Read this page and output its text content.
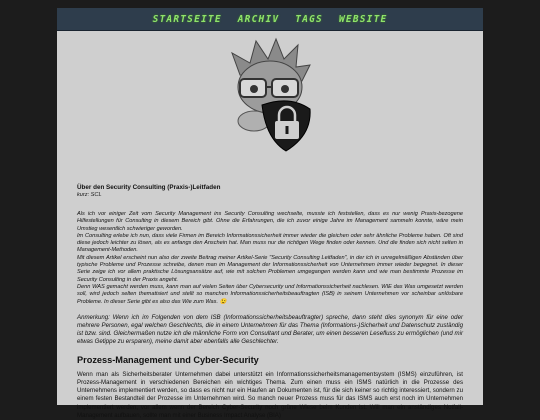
STARTSEITE ARCHIV TAGS WEBSITE
Über den Security Consulting (Praxis-)Leitfaden
kurz: SCL

Als ich vor einiger Zeit vom Security Management ins Security Consulting wechselte, musste ich feststellen, dass es nur wenig Praxis-bezogene Hilfestellungen für Consulting in diesem Bereich gibt. Ohne die Erfahrungen, die ich zuvor einige Jahre im Management sammeln konnte, wäre mein Umstieg wesentlich schwieriger geworden.

Im Consulting erlebe ich nun, dass viele Firmen im Bereich Informationssicherheit immer wieder die gleichen oder sehr ähnliche Probleme haben. Oft sind diese jedoch leichter zu lösen, als es anfangs den Anschein hat. Man muss nur die richtigen Wege finden oder kennen. Und die finden sich nicht selten in Management-Methoden.

Mit diesem Artikel erscheint nun also der zweite Beitrag meiner Artikel-Serie "Security Consulting Leitfaden", in der ich in unregelmäßigen Abständen über typische Probleme und Prozesse schreibe, denen man im Management der Informationssicherheit von Unternehmen immer wieder begegnet. In dieser Serie zeige ich vor allem praktische Lösungsansätze auf, wie mit solchen Problemen umgegangen werden kann und wie man bestimmte Prozesse im Security Consulting in der Praxis angeht.

Denn WAS gemacht werden muss, kann man auf vielen Seiten über Cybersecurity und Informationssicherheit nachlesen. WIE das Was umgesetzt werden soll, wird jedoch selten thematisiert und stellt so manchen Informationssicherheitsbeauftragten (ISB) in seinem Unternehmen vor scheinbar unlösbare Probleme. In dieser Serie gibt es also das Wie zum Was. 😉

Anmerkung: Wenn ich im Folgenden von dem ISB (Informationssicherheitsbeauftragter) spreche, dann steht dies synonym für eine oder mehrere Personen, egal welchen Geschlechts, die in einem Unternehmen für das Thema (Informations-)Sicherheit und Datenschutz zuständig ist bzw. sind. Gleichermaßen nutze ich die männliche Form von Consultant und Berater, um einen besseren Lesefluss zu ermöglichen (und mir etwas Getippe zu ersparen), meine damit aber ebenfalls alle Geschlechter.
Prozess-Management und Cyber-Security
Wenn man als Sicherheitsberater Unternehmen dabei unterstützt ein Informationssicherheitsmanagementsystem (ISMS) einzuführen, ist Prozess-Management in verschiedenen Bereichen ein wichtiges Thema. Zum einen muss ein ISMS natürlich in die Prozesse des Unternehmens implementiert werden, so dass es nicht nur ein Haufen an Dokumenten ist, für die sich keiner so richtig interessiert, sondern zu einem festen Bestandteil der Prozesse im Unternehmen wird. So manch neuer Prozess muss für das ISMS auch erst noch im Unternehmen implementiert werden, vor allem wenn der Bereich Cyber-Security noch grüne Wiese beim Kunden ist. Will man ein anständiges Notfall-Management aufbauen, sollte man mit einer Business Impact Analyse (BIA)
